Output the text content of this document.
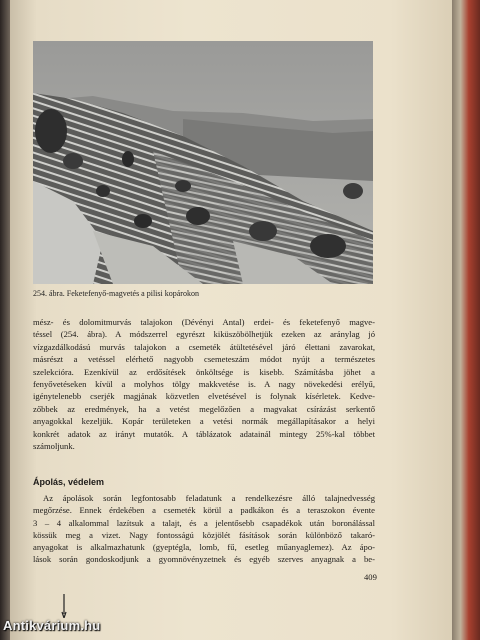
254. ábra. Feketefenyő-magvetés a pilisi kopárokon
mész- és dolomitmurvás talajokon (Dévényi Antal) erdei- és feketefenyő magve-
téssel (254. ábra). A módszerrel egyrészt kiküszöbölhetjük ezeken az aránylag jó
vízgazdálkodású murvás talajokon a csemeték átültetésével járó élettani zavarokat,
másrészt a vetéssel elérhető nagyobb csemeteszám módot nyújt a természetes
szelekcióra. Ezenkívül az erdősítések önköltsége is kisebb. Számításba jöhet a
fenyővetéseken kívül a molyhos tölgy makkvetése is. A nagy növekedési erélyű,
igénytelenebb cserjék magjának közvetlen elvetésével is folynak kísérletek. Kedve-
zőbbek az eredmények, ha a vetést megelőzően a magvakat csírázást serkentő
anyagokkal kezeljük. Kopár területeken a vetési normák megállapításakor a helyi
konkrét adatok az irányt mutatók. A táblázatok adatainál mintegy 25%-kal többet
számoljunk.
Ápolás, védelem
Az ápolások során legfontosabb feladatunk a rendelkezésre álló talajnedvesség
megőrzése. Ennek érdekében a csemeték körül a padkákon és a teraszokon évente
3 – 4 alkalommal lazítsuk a talajt, és a jelentősebb csapadékok után boronálással
kössük meg a vizet. Nagy fontosságú közjölét fásítások során különböző takaró-
anyagokat is alkalmazhatunk (gyeptégla, lomb, fű, esetleg műanyaglemez). Az ápo-
lások során gondoskodjunk a gyomnövényzetnek és egyéb szerves anyagnak a be-
409
Antikvárium.hu
